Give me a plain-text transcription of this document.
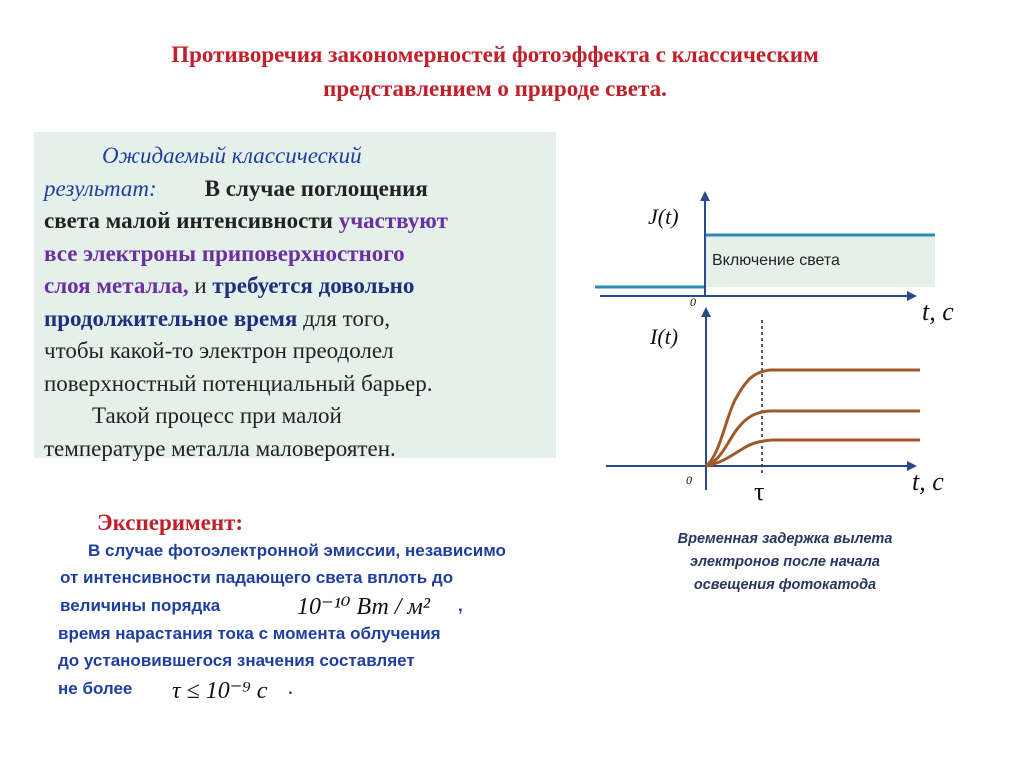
Противоречия закономерностей фотоэффекта с классическим
представлением о природе света.
Ожидаемый классический
результат: В случае поглощения
света малой интенсивности участвуют
все электроны приповерхностного
слоя металла, и требуется довольно
продолжительное время для того,
чтобы какой-то электрон преодолел
поверхностный потенциальный барьер.
Такой процесс при малой
температуре металла маловероятен.
Эксперимент:
В случае фотоэлектронной эмиссии, независимо
от интенсивности падающего света вплоть до
величины порядка	,
время нарастания тока с момента облучения
до установившегося значения составляет
не более	.
10⁻¹⁰ Вт / м²
τ ≤ 10⁻⁹ с
Включение света
J(t)
t, c
0
I(t)
t, c
0 τ
Временная задержка вылета
электронов после начала
освещения фотокатода
